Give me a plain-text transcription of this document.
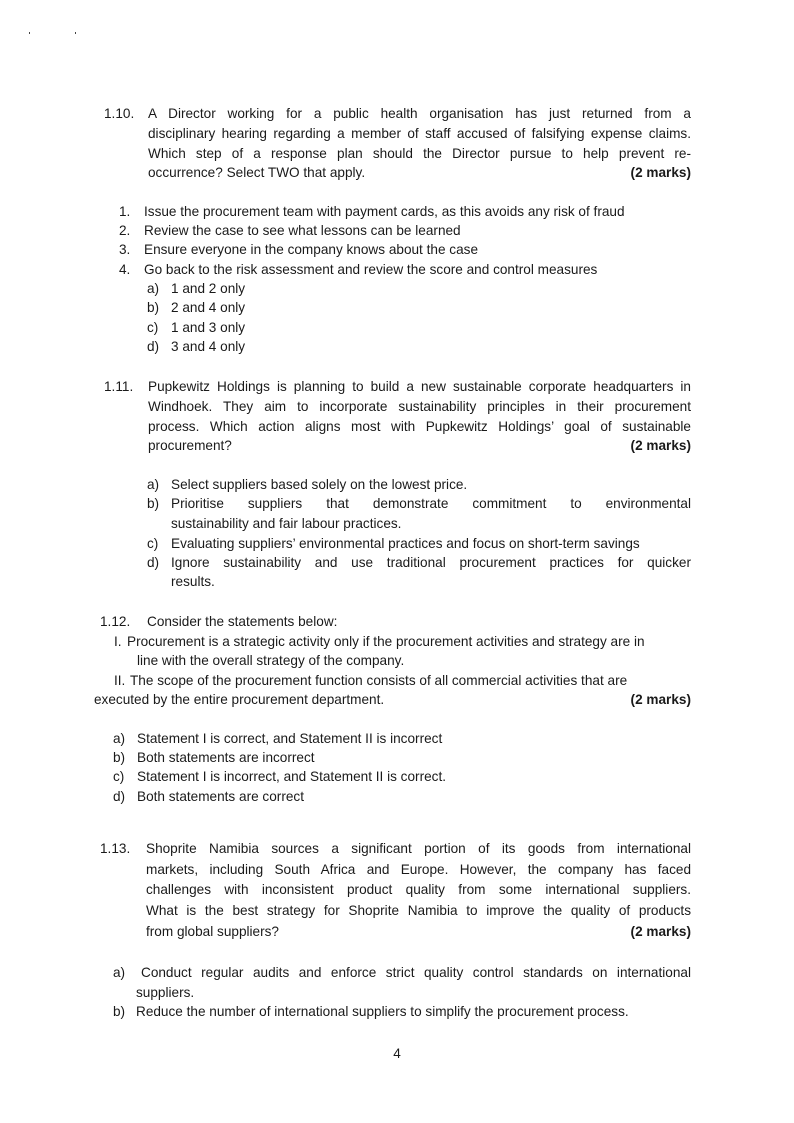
1.10. A Director working for a public health organisation has just returned from a
disciplinary hearing regarding a member of staff accused of falsifying expense claims.
Which step of a response plan should the Director pursue to help prevent re-
occurrence? Select TWO that apply.	(2 marks)
1. Issue the procurement team with payment cards, as this avoids any risk of fraud
2. Review the case to see what lessons can be learned
3. Ensure everyone in the company knows about the case
4. Go back to the risk assessment and review the score and control measures
a) 1 and 2 only
b) 2 and 4 only
c) 1 and 3 only
d) 3 and 4 only
1.11. Pupkewitz Holdings is planning to build a new sustainable corporate headquarters in
Windhoek. They aim to incorporate sustainability principles in their procurement
process. Which action aligns most with Pupkewitz Holdings’ goal of sustainable
procurement?	(2 marks)
a) Select suppliers based solely on the lowest price.
b) Prioritise suppliers that demonstrate commitment to environmental
sustainability and fair labour practices.
c) Evaluating suppliers’ environmental practices and focus on short-term savings
d) Ignore sustainability and use traditional procurement practices for quicker
results.
1.12. Consider the statements below:
I. Procurement is a strategic activity only if the procurement activities and strategy are in
line with the overall strategy of the company.
II. The scope of the procurement function consists of all commercial activities that are
executed by the entire procurement department.	(2 marks)
a) Statement I is correct, and Statement II is incorrect
b) Both statements are incorrect
c) Statement I is incorrect, and Statement II is correct.
d) Both statements are correct
1.13. Shoprite Namibia sources a significant portion of its goods from international
markets, including South Africa and Europe. However, the company has faced
challenges with inconsistent product quality from some international suppliers.
What is the best strategy for Shoprite Namibia to improve the quality of products
from global suppliers?	(2 marks)
a) Conduct regular audits and enforce strict quality control standards on international
suppliers.
b) Reduce the number of international suppliers to simplify the procurement process.
4
